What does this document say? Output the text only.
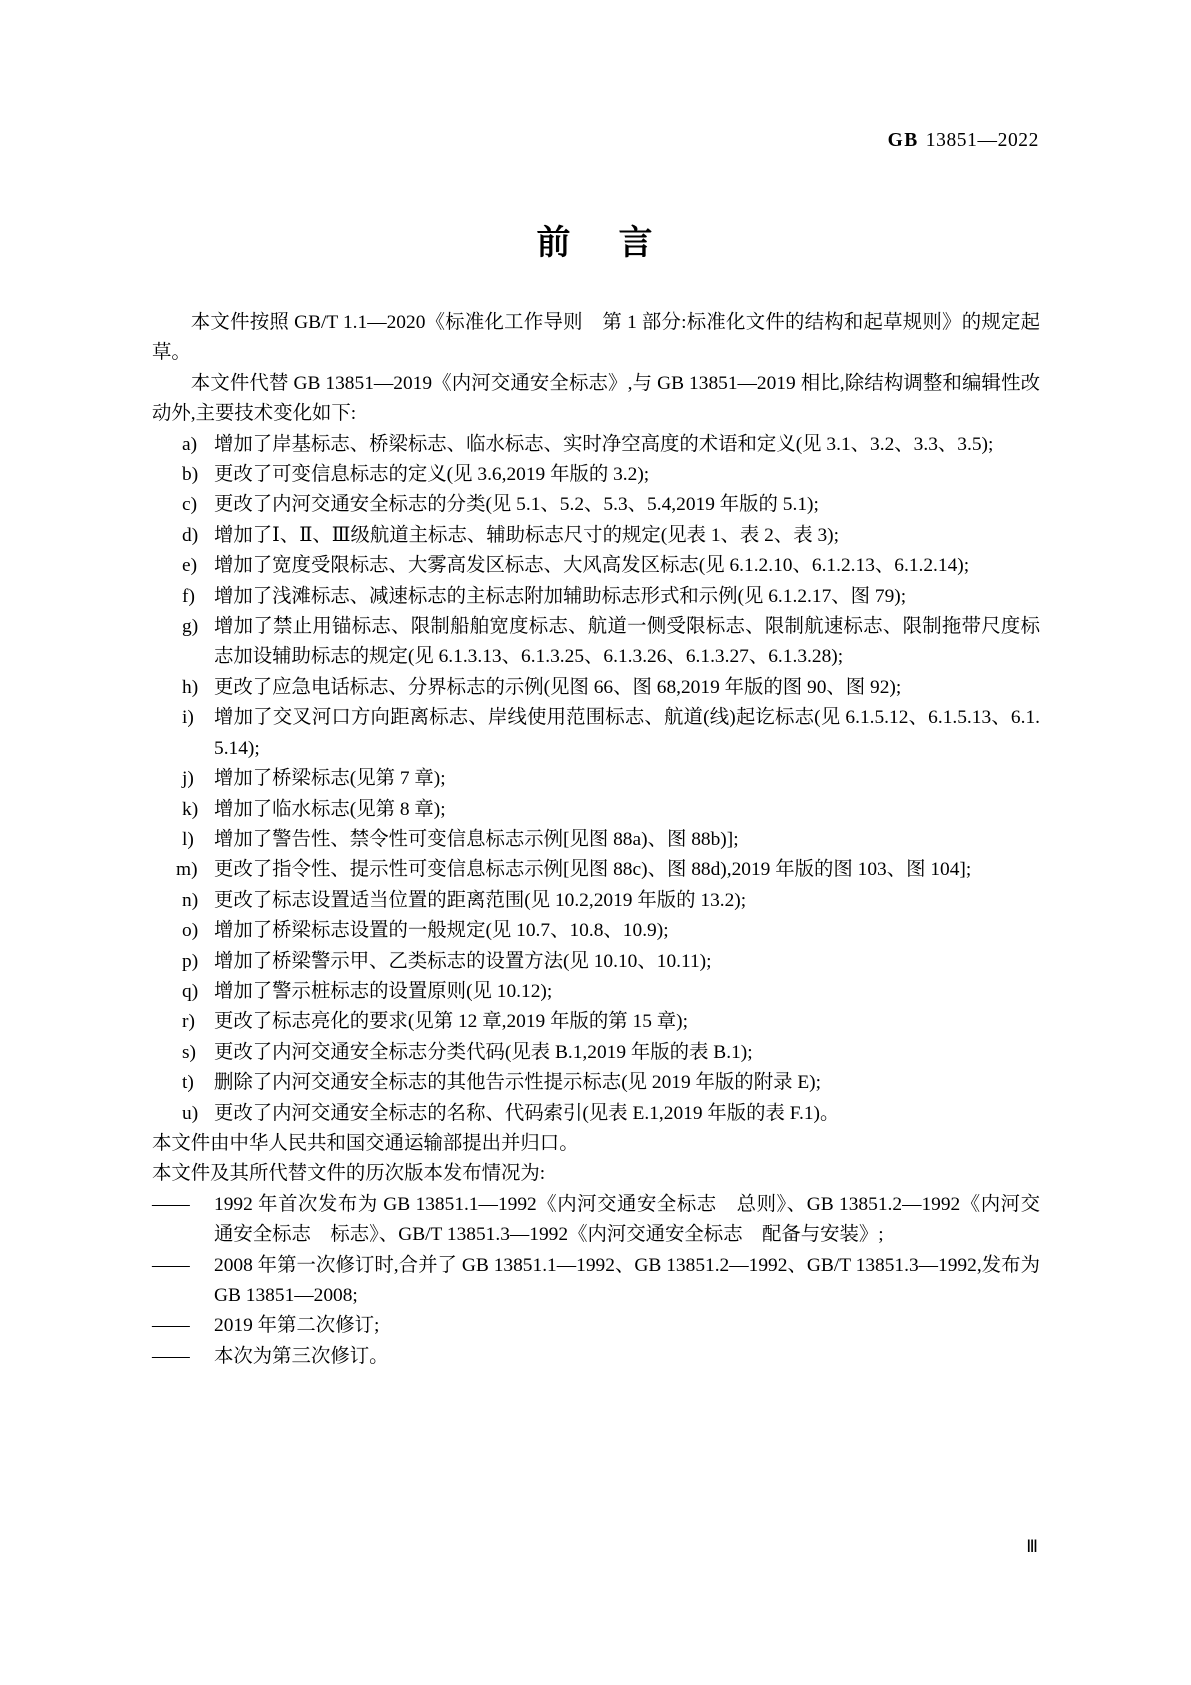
GB 13851—2022
前 言

本文件按照 GB/T 1.1—2020《标准化工作导则　第 1 部分:标准化文件的结构和起草规则》的规定起草。

本文件代替 GB 13851—2019《内河交通安全标志》,与 GB 13851—2019 相比,除结构调整和编辑性改动外,主要技术变化如下:

a) 增加了岸基标志、桥梁标志、临水标志、实时净空高度的术语和定义(见 3.1、3.2、3.3、3.5);
b) 更改了可变信息标志的定义(见 3.6,2019 年版的 3.2);
c) 更改了内河交通安全标志的分类(见 5.1、5.2、5.3、5.4,2019 年版的 5.1);
d) 增加了Ⅰ、Ⅱ、Ⅲ级航道主标志、辅助标志尺寸的规定(见表 1、表 2、表 3);
e) 增加了宽度受限标志、大雾高发区标志、大风高发区标志(见 6.1.2.10、6.1.2.13、6.1.2.14);
f) 增加了浅滩标志、减速标志的主标志附加辅助标志形式和示例(见 6.1.2.17、图 79);
g) 增加了禁止用锚标志、限制船舶宽度标志、航道一侧受限标志、限制航速标志、限制拖带尺度标志加设辅助标志的规定(见 6.1.3.13、6.1.3.25、6.1.3.26、6.1.3.27、6.1.3.28);
h) 更改了应急电话标志、分界标志的示例(见图 66、图 68,2019 年版的图 90、图 92);
i)	增加了交叉河口方向距离标志、岸线使用范围标志、航道(线)起讫标志(见 6.1.5.12、6.1.5.13、6.1.5.14);
j)	增加了桥梁标志(见第 7 章);
k) 增加了临水标志(见第 8 章);
l)	增加了警告性、禁令性可变信息标志示例[见图 88a)、图 88b)];
m) 更改了指令性、提示性可变信息标志示例[见图 88c)、图 88d),2019 年版的图 103、图 104];
n) 更改了标志设置适当位置的距离范围(见 10.2,2019 年版的 13.2);
o) 增加了桥梁标志设置的一般规定(见 10.7、10.8、10.9);
p) 增加了桥梁警示甲、乙类标志的设置方法(见 10.10、10.11);
q) 增加了警示桩标志的设置原则(见 10.12);
r) 更改了标志亮化的要求(见第 12 章,2019 年版的第 15 章);
s) 更改了内河交通安全标志分类代码(见表 B.1,2019 年版的表 B.1);
t)	删除了内河交通安全标志的其他告示性提示标志(见 2019 年版的附录 E);
u) 更改了内河交通安全标志的名称、代码索引(见表 E.1,2019 年版的表 F.1)。

本文件由中华人民共和国交通运输部提出并归口。

本文件及其所代替文件的历次版本发布情况为:

—— 1992 年首次发布为 GB 13851.1—1992《内河交通安全标志　总则》、GB 13851.2—1992《内河交通安全标志　标志》、GB/T 13851.3—1992《内河交通安全标志　配备与安装》;
—— 2008 年第一次修订时,合并了 GB 13851.1—1992、GB 13851.2—1992、GB/T 13851.3—1992,发布为 GB 13851—2008;
—— 2019 年第二次修订;
—— 本次为第三次修订。
Ⅲ
